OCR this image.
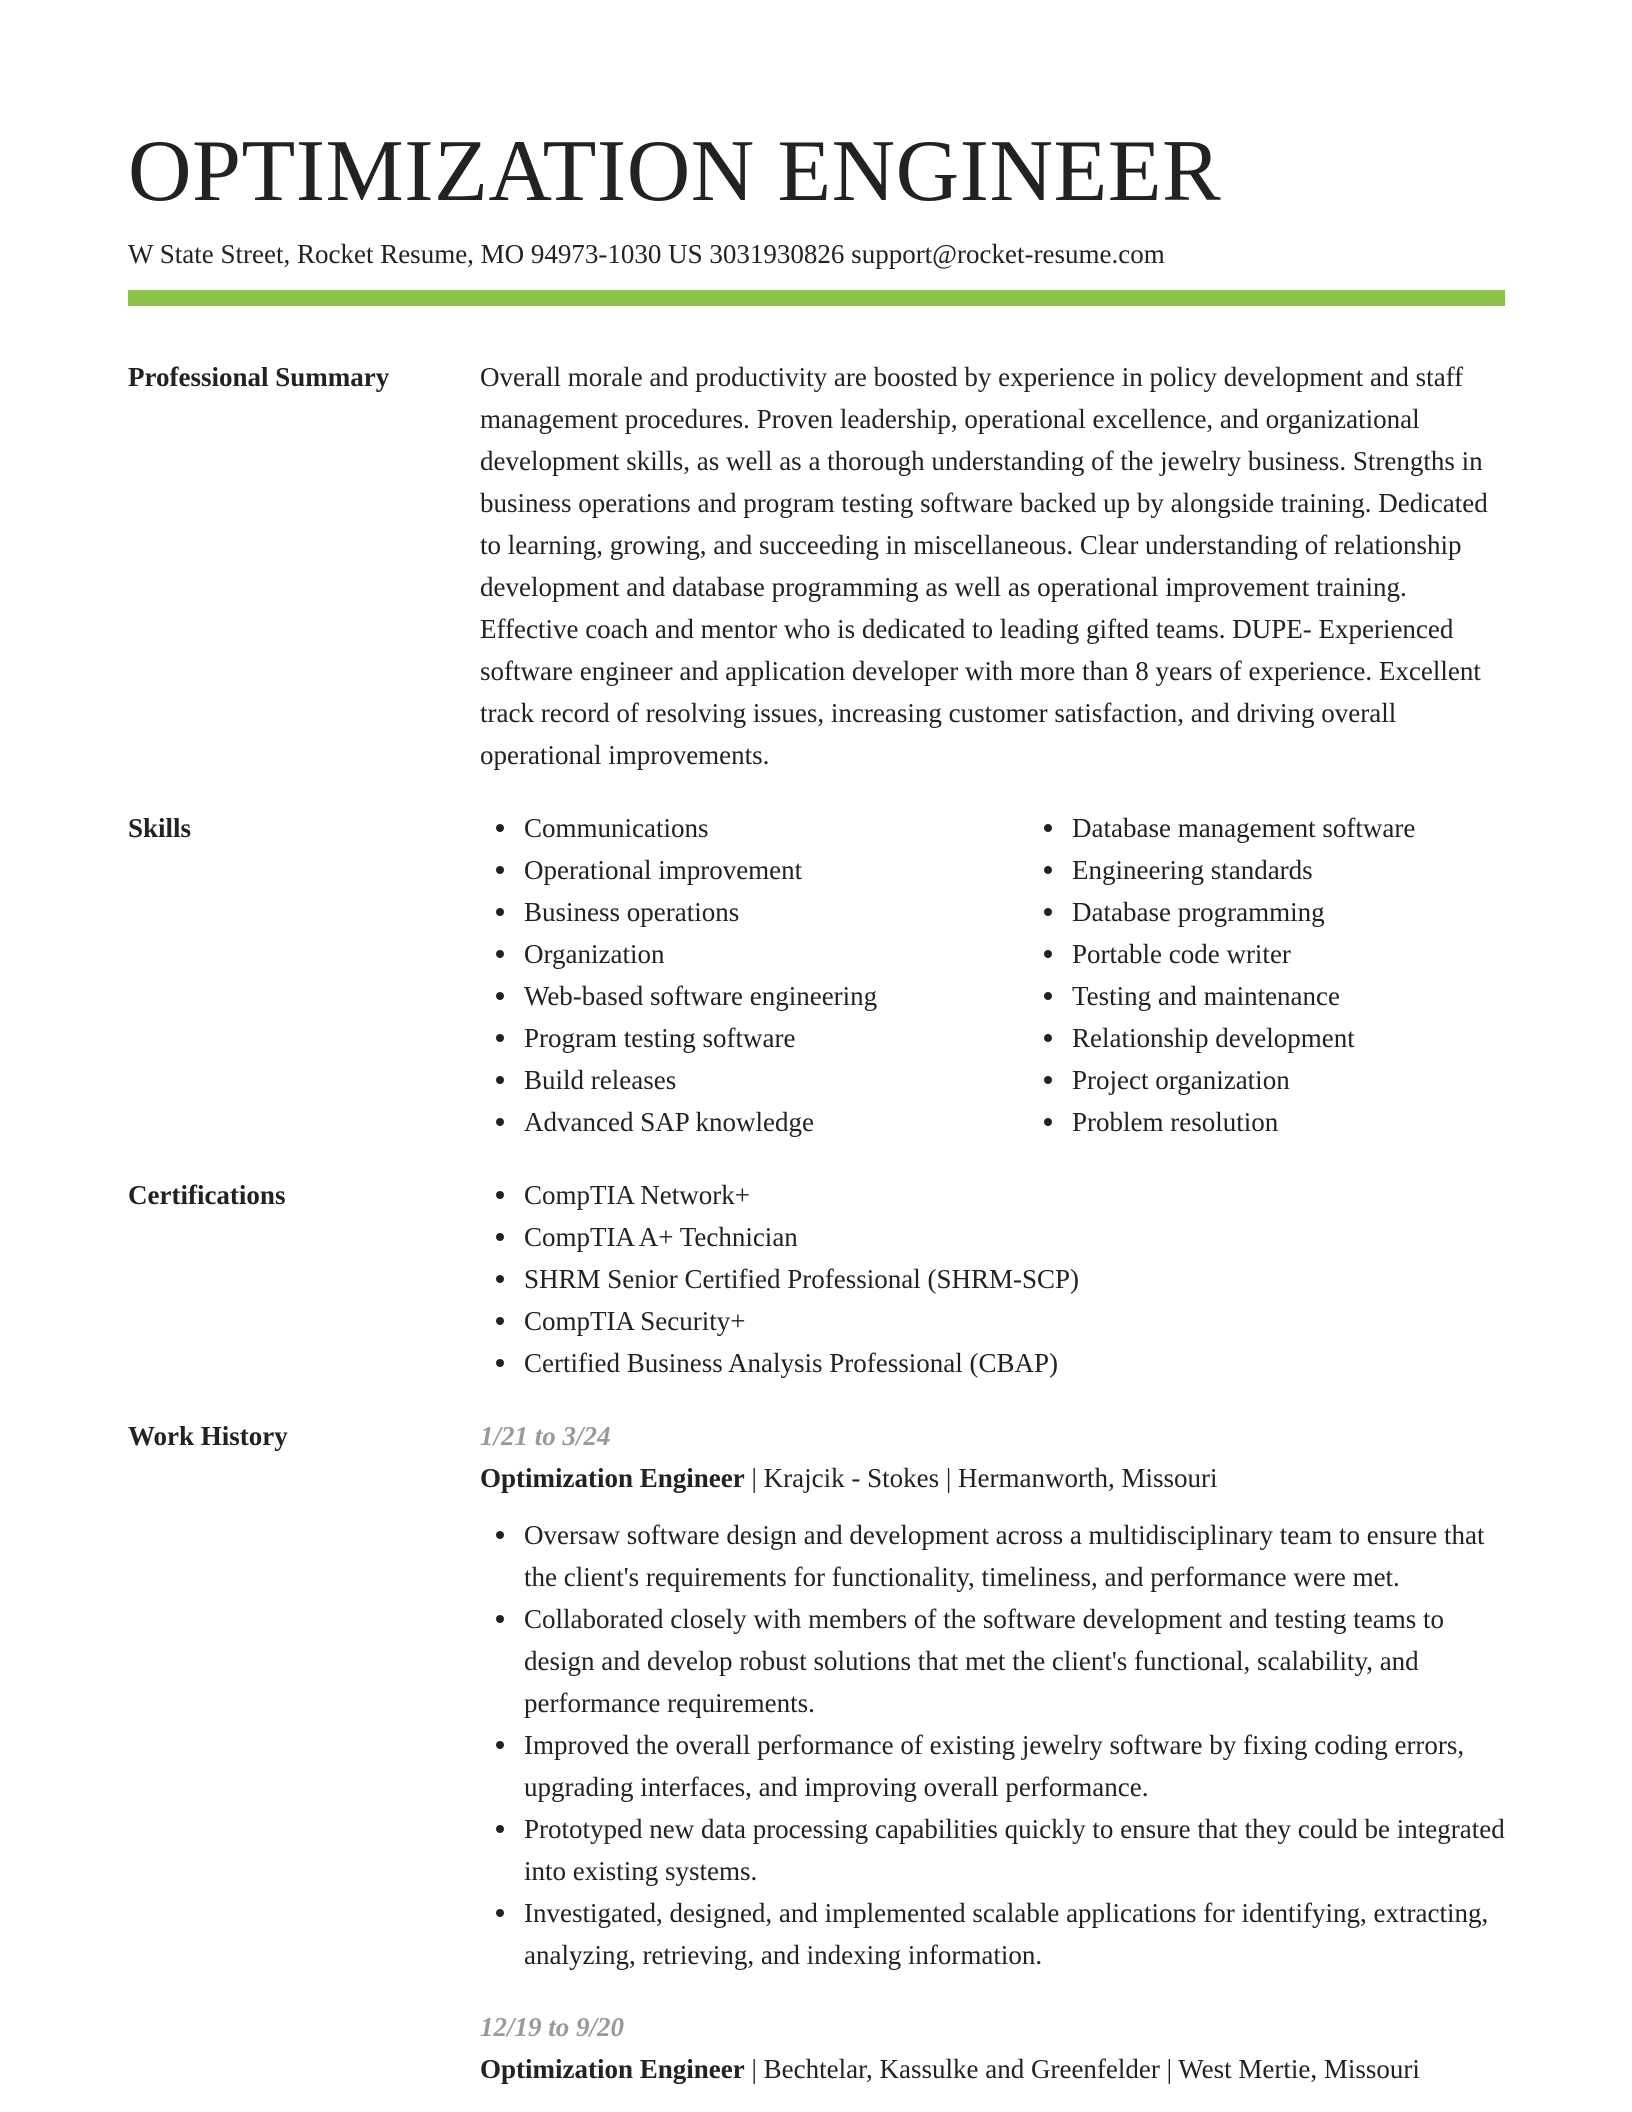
OPTIMIZATION ENGINEER
W State Street, Rocket Resume, MO 94973-1030 US 3031930826 support@rocket-resume.com
Professional Summary	Overall morale and productivity are boosted by experience in policy development and staff management procedures. Proven leadership, operational excellence, and organizational development skills, as well as a thorough understanding of the jewelry business. Strengths in business operations and program testing software backed up by alongside training. Dedicated to learning, growing, and succeeding in miscellaneous. Clear understanding of relationship development and database programming as well as operational improvement training. Effective coach and mentor who is dedicated to leading gifted teams. DUPE- Experienced software engineer and application developer with more than 8 years of experience. Excellent track record of resolving issues, increasing customer satisfaction, and driving overall operational improvements.
Skills	Communications
Operational improvement
Business operations
Organization
Web-based software engineering
Program testing software
Build releases
Advanced SAP knowledge
Database management software
Engineering standards
Database programming
Portable code writer
Testing and maintenance
Relationship development
Project organization
Problem resolution
Certifications	CompTIA Network+
CompTIA A+ Technician
SHRM Senior Certified Professional (SHRM-SCP)
CompTIA Security+
Certified Business Analysis Professional (CBAP)
Work History	1/21 to 3/24
Optimization Engineer | Krajcik - Stokes | Hermanworth, Missouri
Oversaw software design and development across a multidisciplinary team to ensure that the client's requirements for functionality, timeliness, and performance were met.
Collaborated closely with members of the software development and testing teams to design and develop robust solutions that met the client's functional, scalability, and performance requirements.
Improved the overall performance of existing jewelry software by fixing coding errors, upgrading interfaces, and improving overall performance.
Prototyped new data processing capabilities quickly to ensure that they could be integrated into existing systems.
Investigated, designed, and implemented scalable applications for identifying, extracting, analyzing, retrieving, and indexing information.
12/19 to 9/20
Optimization Engineer | Bechtelar, Kassulke and Greenfelder | West Mertie, Missouri
